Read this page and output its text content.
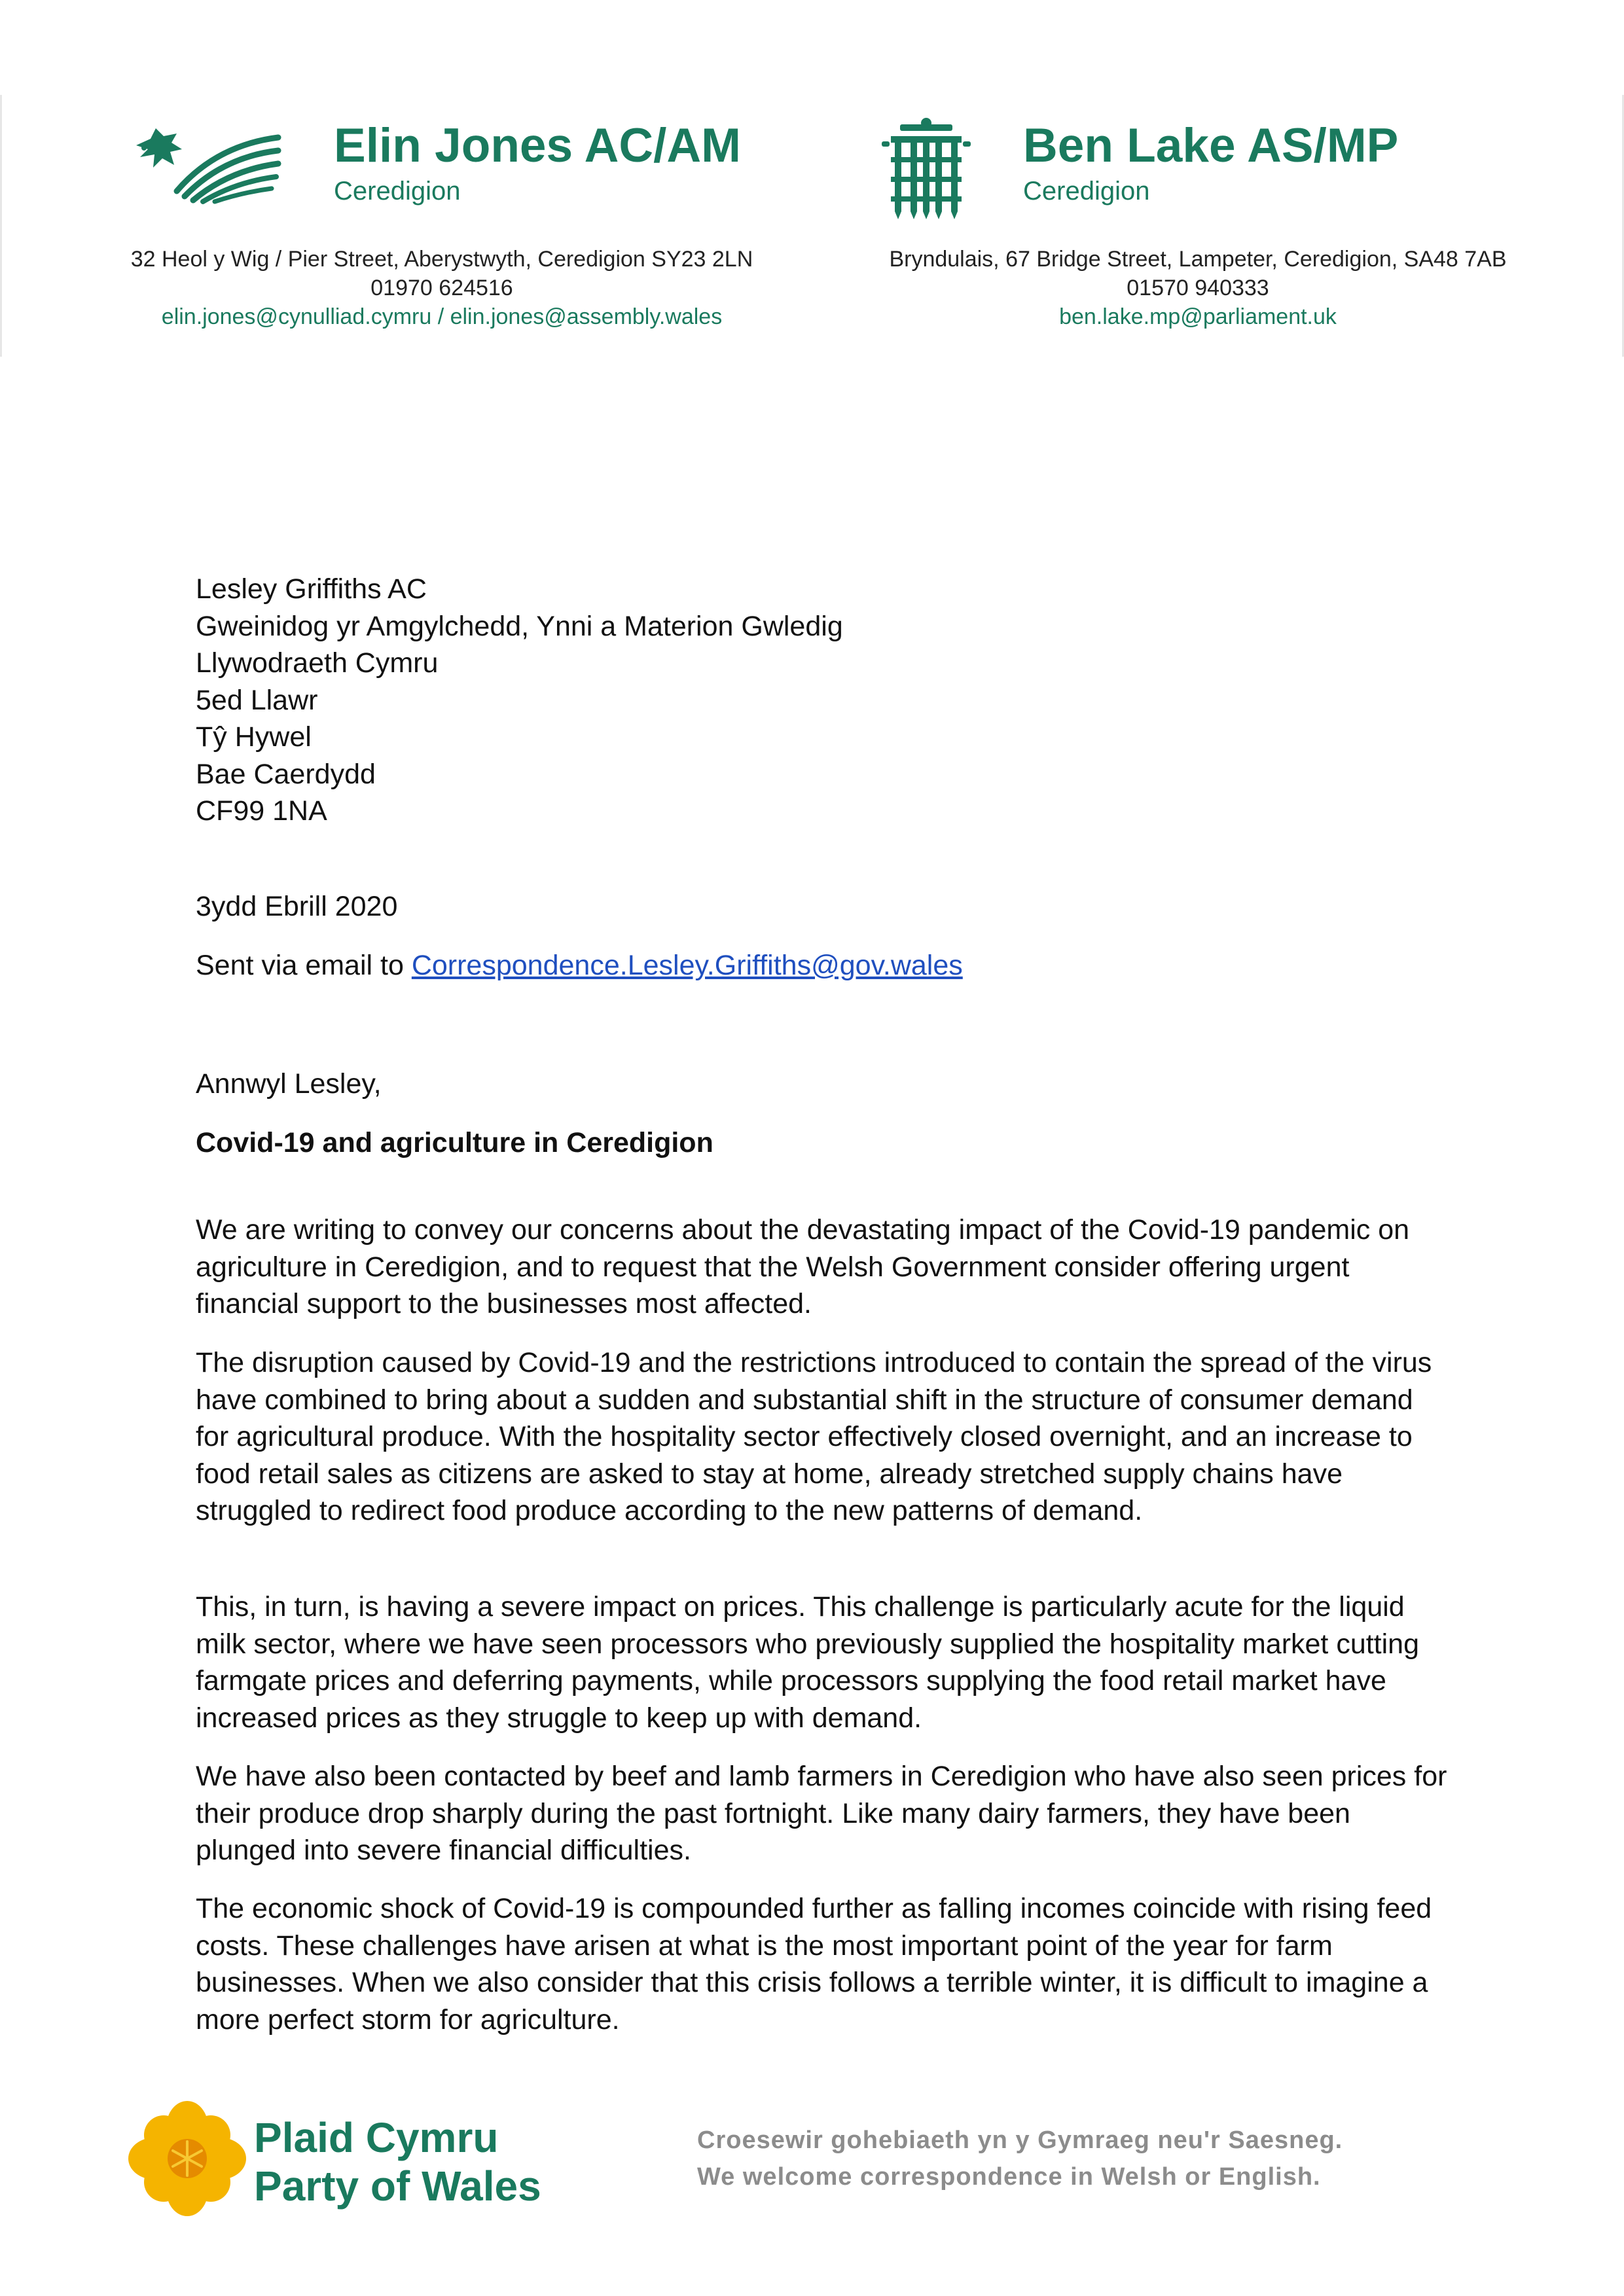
Elin Jones AC/AM
Ceredigion
32 Heol y Wig / Pier Street, Aberystwyth, Ceredigion SY23 2LN
01970 624516
elin.jones@cynulliad.cymru / elin.jones@assembly.wales
Ben Lake AS/MP
Ceredigion
Bryndulais, 67 Bridge Street, Lampeter, Ceredigion, SA48 7AB
01570 940333
ben.lake.mp@parliament.uk
Lesley Griffiths AC
Gweinidog yr Amgylchedd, Ynni a Materion Gwledig
Llywodraeth Cymru
5ed Llawr
Tŷ Hywel
Bae Caerdydd
CF99 1NA
3ydd Ebrill 2020
Sent via email to Correspondence.Lesley.Griffiths@gov.wales
Annwyl Lesley,
Covid-19 and agriculture in Ceredigion

We are writing to convey our concerns about the devastating impact of the Covid-19 pandemic on agriculture in Ceredigion, and to request that the Welsh Government consider offering urgent financial support to the businesses most affected.

The disruption caused by Covid-19 and the restrictions introduced to contain the spread of the virus have combined to bring about a sudden and substantial shift in the structure of consumer demand for agricultural produce. With the hospitality sector effectively closed overnight, and an increase to food retail sales as citizens are asked to stay at home, already stretched supply chains have struggled to redirect food produce according to the new patterns of demand.

This, in turn, is having a severe impact on prices. This challenge is particularly acute for the liquid milk sector, where we have seen processors who previously supplied the hospitality market cutting farmgate prices and deferring payments, while processors supplying the food retail market have increased prices as they struggle to keep up with demand.

We have also been contacted by beef and lamb farmers in Ceredigion who have also seen prices for their produce drop sharply during the past fortnight. Like many dairy farmers, they have been plunged into severe financial difficulties.

The economic shock of Covid-19 is compounded further as falling incomes coincide with rising feed costs. These challenges have arisen at what is the most important point of the year for farm businesses. When we also consider that this crisis follows a terrible winter, it is difficult to imagine a more perfect storm for agriculture.

Plaid Cymru
Party of Wales
Croesewir gohebiaeth yn y Gymraeg neu'r Saesneg.
We welcome correspondence in Welsh or English.
